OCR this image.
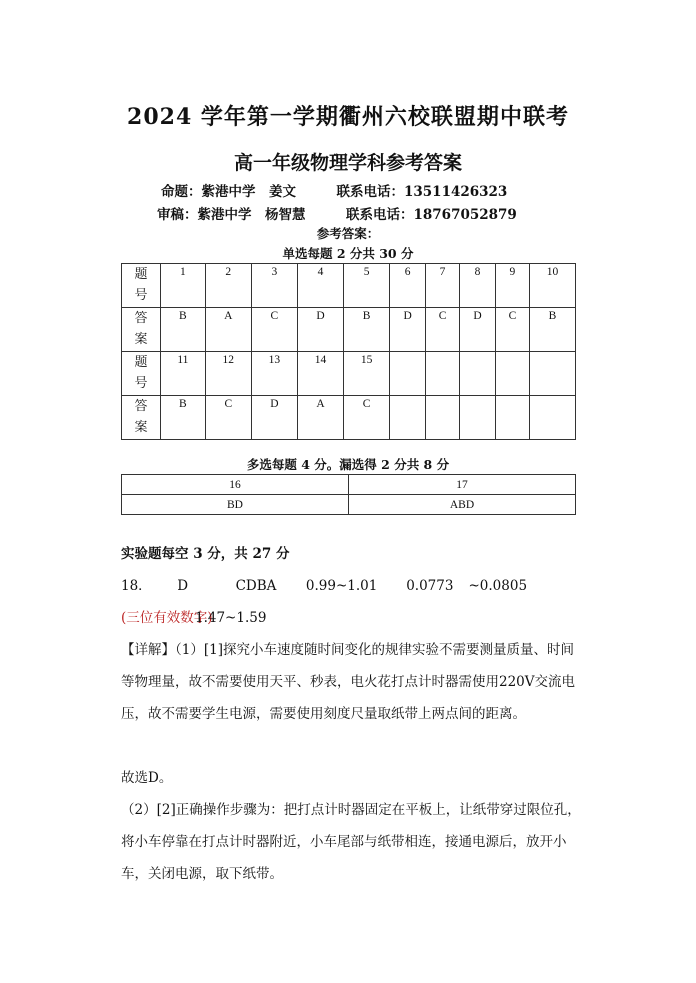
2024 学年第一学期衢州六校联盟期中联考
高一年级物理学科参考答案
命题：紫港中学　姜文　　　联系电话：13511426323
审稿：紫港中学　杨智慧　　　联系电话：18767052879
参考答案：
单选每题 2 分共 30 分
题
号	1	2	3	4	5	6	7	8	9	10
答
案	B	A	C	D	B	D	C	D	C	B
题
号	11	12	13	14	15					
答
案	B	C	D	A	C					
多选每题 4 分。漏选得 2 分共 8 分
16	17
BD	ABD
实验题每空 3 分，共 27 分
18． D	CDBA 0.99~1.01 0.0773 ~0.0805(三位有效数字)
1.47~1.59
【详解】（1）[1]探究小车速度随时间变化的规律实验不需要测量质量、时间等物理量，故不需要使用天平、秒表，电火花打点计时器需使用220V交流电压，故不需要学生电源，需要使用刻度尺量取纸带上两点间的距离。
故选D。
（2）[2]正确操作步骤为：把打点计时器固定在平板上，让纸带穿过限位孔，将小车停靠在打点计时器附近，小车尾部与纸带相连，接通电源后，放开小车，关闭电源，取下纸带。
